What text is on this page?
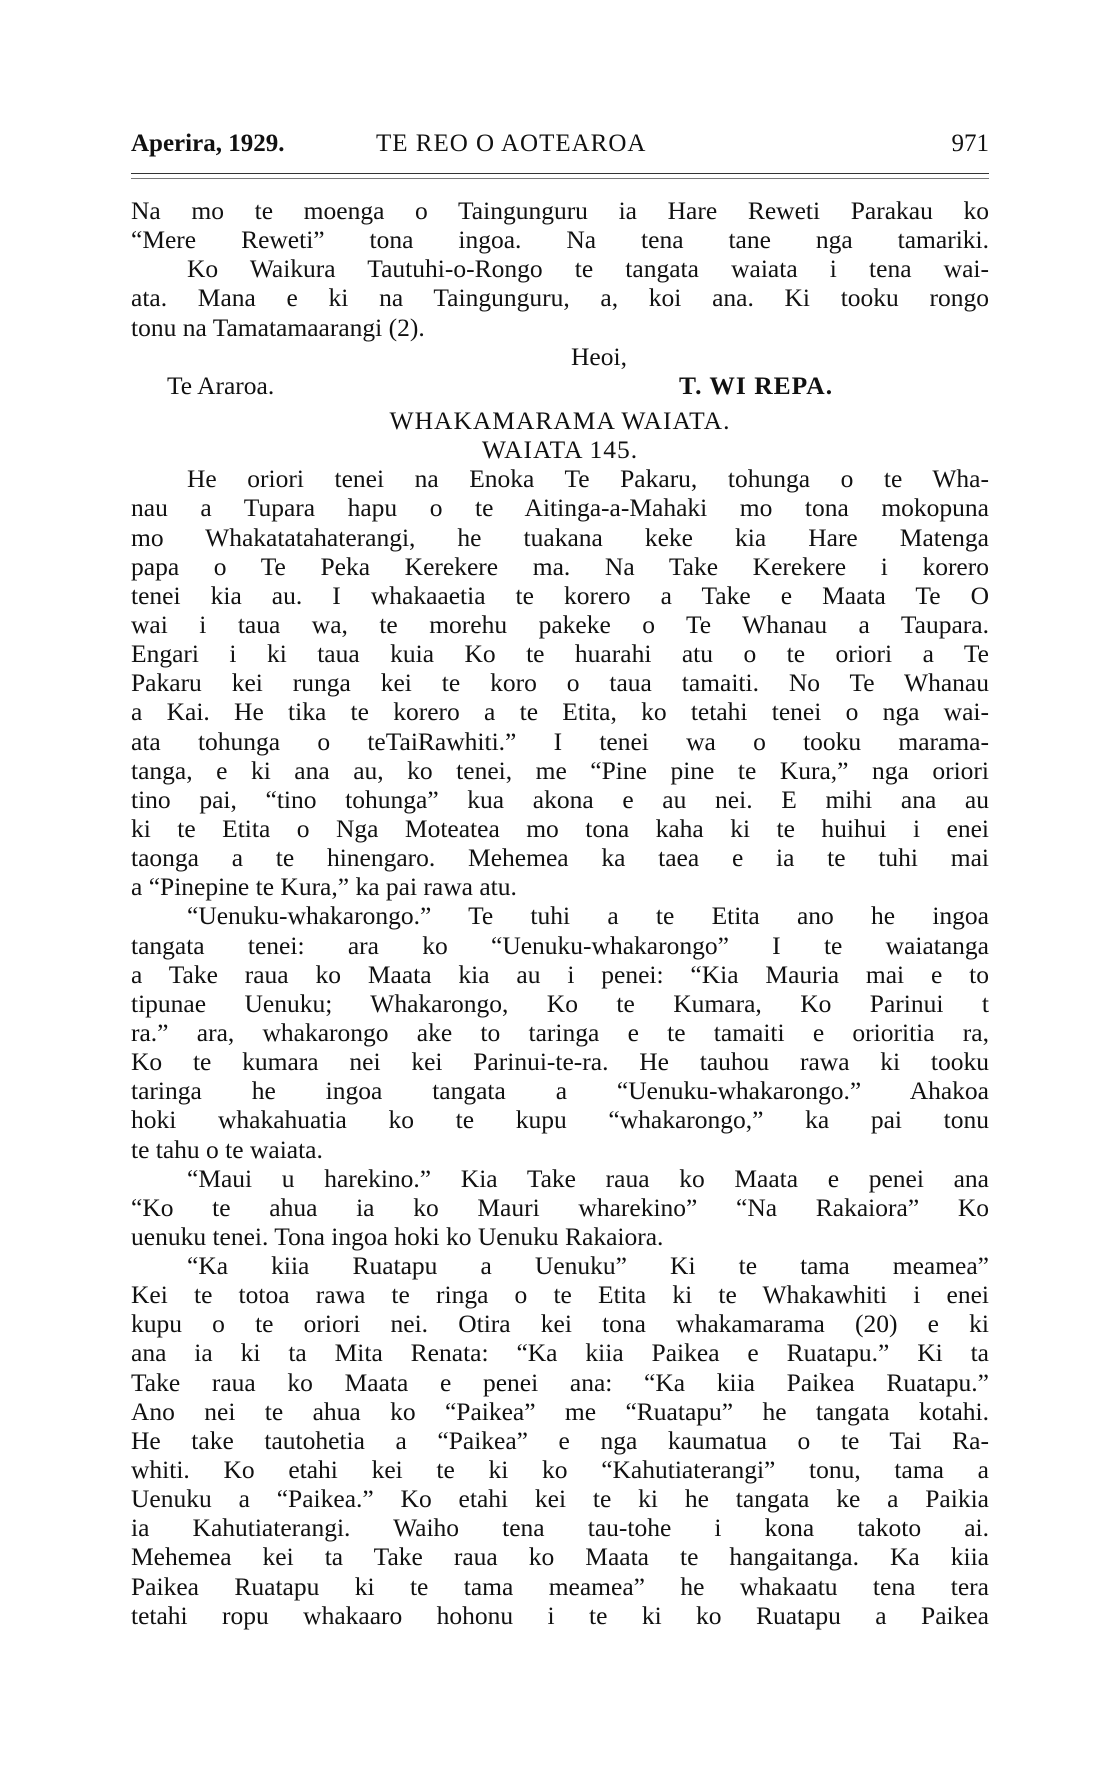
Aperira, 1929.	TE REO O AOTEAROA	971
Na mo te moenga o Taingunguru ia Hare Reweti Parakau ko
“Mere Reweti” tona ingoa. Na tena tane nga tamariki.
Ko Waikura Tautuhi-o-Rongo te tangata waiata i tena wai-
ata. Mana e ki na Taingunguru, a, koi ana. Ki tooku rongo
tonu na Tamatamaarangi (2).
Heoi,
Te Araroa.	T. WI REPA.
WHAKAMARAMA WAIATA.
WAIATA 145.
He oriori tenei na Enoka Te Pakaru, tohunga o te Wha-
nau a Tupara hapu o te Aitinga-a-Mahaki mo tona mokopuna
mo Whakatatahaterangi, he tuakana keke kia Hare Matenga
papa o Te Peka Kerekere ma. Na Take Kerekere i korero
tenei kia au. I whakaaetia te korero a Take e Maata Te O
wai i taua wa, te morehu pakeke o Te Whanau a Taupara.
Engari i ki taua kuia Ko te huarahi atu o te oriori a Te
Pakaru kei runga kei te koro o taua tamaiti. No Te Whanau
a Kai. He tika te korero a te Etita, ko tetahi tenei o nga wai-
ata tohunga o teTaiRawhiti.” I tenei wa o tooku marama-
tanga, e ki ana au, ko tenei, me “Pine pine te Kura,” nga oriori
tino pai, “tino tohunga” kua akona e au nei. E mihi ana au
ki te Etita o Nga Moteatea mo tona kaha ki te huihui i enei
taonga a te hinengaro. Mehemea ka taea e ia te tuhi mai
a “Pinepine te Kura,” ka pai rawa atu.
“Uenuku-whakarongo.” Te tuhi a te Etita ano he ingoa
tangata tenei: ara ko “Uenuku-whakarongo” I te waiatanga
a Take raua ko Maata kia au i penei: “Kia Mauria mai e to
tipunae Uenuku; Whakarongo, Ko te Kumara, Ko Parinui t
ra.” ara, whakarongo ake to taringa e te tamaiti e orioritia ra,
Ko te kumara nei kei Parinui-te-ra. He tauhou rawa ki tooku
taringa he ingoa tangata a “Uenuku-whakarongo.” Ahakoa
hoki whakahuatia ko te kupu “whakarongo,” ka pai tonu
te tahu o te waiata.
“Maui u harekino.” Kia Take raua ko Maata e penei ana
“Ko te ahua ia ko Mauri wharekino” “Na Rakaiora” Ko
uenuku tenei. Tona ingoa hoki ko Uenuku Rakaiora.
“Ka kiia Ruatapu a Uenuku” Ki te tama meamea”
Kei te totoa rawa te ringa o te Etita ki te Whakawhiti i enei
kupu o te oriori nei. Otira kei tona whakamarama (20) e ki
ana ia ki ta Mita Renata: “Ka kiia Paikea e Ruatapu.” Ki ta
Take raua ko Maata e penei ana: “Ka kiia Paikea Ruatapu.”
Ano nei te ahua ko “Paikea” me “Ruatapu” he tangata kotahi.
He take tautohetia a “Paikea” e nga kaumatua o te Tai Ra-
whiti. Ko etahi kei te ki ko “Kahutiaterangi” tonu, tama a
Uenuku a “Paikea.” Ko etahi kei te ki he tangata ke a Paikia
ia Kahutiaterangi. Waiho tena tau-tohe i kona takoto ai.
Mehemea kei ta Take raua ko Maata te hangaitanga. Ka kiia
Paikea Ruatapu ki te tama meamea” he whakaatu tena tera
tetahi ropu whakaaro hohonu i te ki ko Ruatapu a Paikea
